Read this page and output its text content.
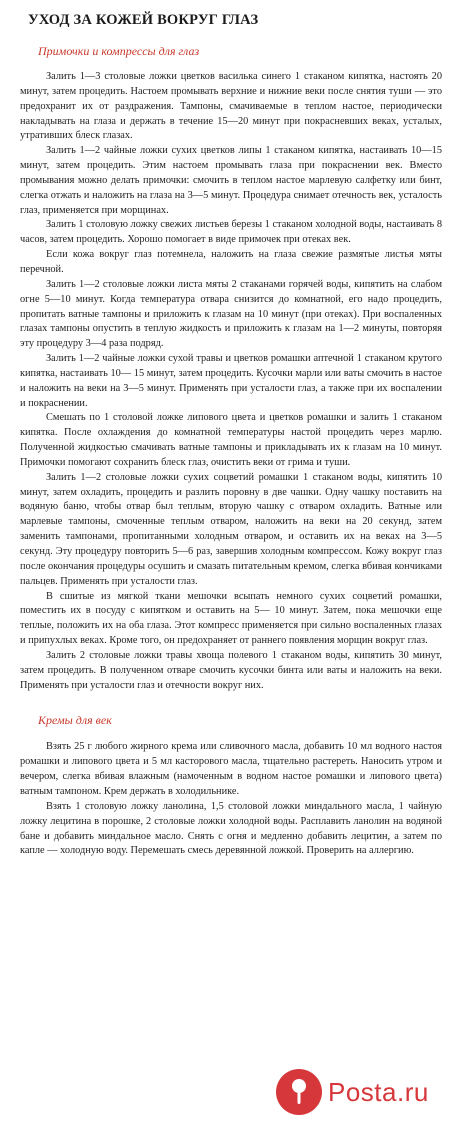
УХОД ЗА КОЖЕЙ ВОКРУГ ГЛАЗ
Примочки и компрессы для глаз

Залить 1—3 столовые ложки цветков василька синего 1 стаканом кипятка, настоять 20 минут, затем процедить. Настоем промывать верхние и нижние веки после снятия туши — это предохранит их от раздражения. Тампоны, смачиваемые в теплом настое, периодически накладывать на глаза и держать в течение 15—20 минут при покрасневших веках, усталых, утративших блеск глазах.

Залить 1—2 чайные ложки сухих цветков липы 1 стаканом кипятка, настаивать 10—15 минут, затем процедить. Этим настоем промывать глаза при покраснении век. Вместо промывания можно делать примочки: смочить в теплом настое марлевую салфетку или бинт, слегка отжать и наложить на глаза на 3—5 минут. Процедура снимает отечность век, усталость глаз, применяется при морщинах.

Залить 1 столовую ложку свежих листьев березы 1 стаканом холодной воды, настаивать 8 часов, затем процедить. Хорошо помогает в виде примочек при отеках век.

Если кожа вокруг глаз потемнела, наложить на глаза свежие размятые листья мяты перечной.

Залить 1—2 столовые ложки листа мяты 2 стаканами горячей воды, кипятить на слабом огне 5—10 минут. Когда температура отвара снизится до комнатной, его надо процедить, пропитать ватные тампоны и приложить к глазам на 10 минут (при отеках). При воспаленных глазах тампоны опустить в теплую жидкость и приложить к глазам на 1—2 минуты, повторяя эту процедуру 3—4 раза подряд.

Залить 1—2 чайные ложки сухой травы и цветков ромашки аптечной 1 стаканом крутого кипятка, настаивать 10— 15 минут, затем процедить. Кусочки марли или ваты смочить в настое и наложить на веки на 3—5 минут. Применять при усталости глаз, а также при их воспалении и покраснении.

Смешать по 1 столовой ложке липового цвета и цветков ромашки и залить 1 стаканом кипятка. После охлаждения до комнатной температуры настой процедить через марлю. Полученной жидкостью смачивать ватные тампоны и прикладывать их к глазам на 10 минут. Примочки помогают сохранить блеск глаз, очистить веки от грима и туши.

Залить 1—2 столовые ложки сухих соцветий ромашки 1 стаканом воды, кипятить 10 минут, затем охладить, процедить и разлить поровну в две чашки. Одну чашку поставить на водяную баню, чтобы отвар был теплым, вторую чашку с отваром охладить. Ватные или марлевые тампоны, смоченные теплым отваром, наложить на веки на 20 секунд, затем заменить тампонами, пропитанными холодным отваром, и оставить их на веках на 3—5 секунд. Эту процедуру повторить 5—6 раз, завершив холодным компрессом. Кожу вокруг глаз после окончания процедуры осушить и смазать питательным кремом, слегка вбивая кончиками пальцев. Применять при усталости глаз.

В сшитые из мягкой ткани мешочки всыпать немного сухих соцветий ромашки, поместить их в посуду с кипятком и оставить на 5— 10 минут. Затем, пока мешочки еще теплые, положить их на оба глаза. Этот компресс применяется при сильно воспаленных глазах и припухлых веках. Кроме того, он предохраняет от раннего появления морщин вокруг глаз.

Залить 2 столовые ложки травы хвоща полевого 1 стаканом воды, кипятить 30 минут, затем процедить. В полученном отваре смочить кусочки бинта или ваты и наложить на веки. Применять при усталости глаз и отечности вокруг них.

Кремы для век

Взять 25 г любого жирного крема или сливочного масла, добавить 10 мл водного настоя ромашки и липового цвета и 5 мл касторового масла, тщательно растереть. Наносить утром и вечером, слегка вбивая влажным (намоченным в водном настое ромашки и липового цвета) ватным тампоном. Крем держать в холодильнике.

Взять 1 столовую ложку ланолина, 1,5 столовой ложки миндального масла, 1 чайную ложку лецитина в порошке, 2 столовые ложки холодной воды. Расплавить ланолин на водяной бане и добавить миндальное масло. Снять с огня и медленно добавить лецитин, а затем по капле — холодную воду. Перемешать смесь деревянной ложкой. Проверить на аллергию.

Posta.ru
